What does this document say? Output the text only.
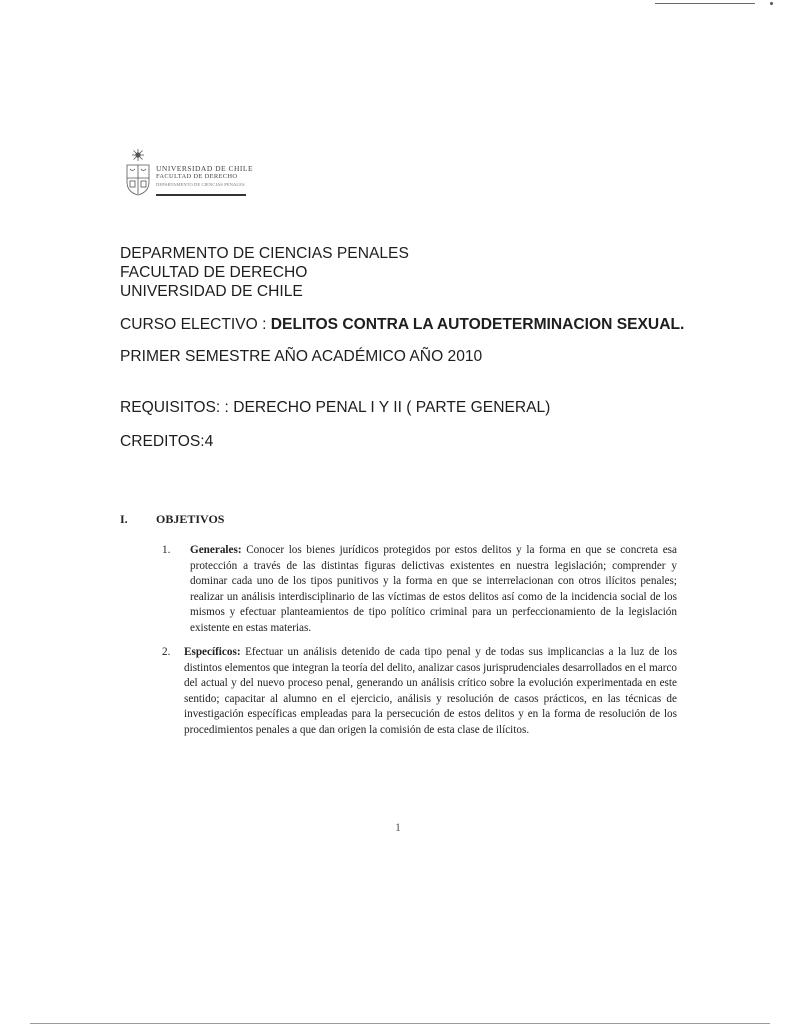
UNIVERSIDAD DE CHILE
FACULTAD DE DERECHO
DEPARTAMENTO DE CIENCIAS PENALES
DEPARMENTO DE CIENCIAS PENALES
FACULTAD DE DERECHO
UNIVERSIDAD DE CHILE
CURSO ELECTIVO : DELITOS CONTRA LA AUTODETERMINACION SEXUAL.
PRIMER SEMESTRE AÑO ACADÉMICO AÑO 2010
REQUISITOS: : DERECHO PENAL I Y II ( PARTE GENERAL)
CREDITOS:4
I. OBJETIVOS
1.	Generales: Conocer los bienes jurídicos protegidos por estos delitos y la forma en que se concreta esa protección a través de las distintas figuras delictivas existentes en nuestra legislación; comprender y dominar cada uno de los tipos punitivos y la forma en que se interrelacionan con otros ilícitos penales; realizar un análisis interdisciplinario de las víctimas de estos delitos así como de la incidencia social de los mismos y efectuar planteamientos de tipo político criminal para un perfeccionamiento de la legislación existente en estas materias.
2.	Específicos: Efectuar un análisis detenido de cada tipo penal y de todas sus implicancias a la luz de los distintos elementos que integran la teoría del delito, analizar casos jurisprudenciales desarrollados en el marco del actual y del nuevo proceso penal, generando un análisis crítico sobre la evolución experimentada en este sentido; capacitar al alumno en el ejercicio, análisis y resolución de casos prácticos, en las técnicas de investigación específicas empleadas para la persecución de estos delitos y en la forma de resolución de los procedimientos penales a que dan origen la comisión de esta clase de ilícitos.
1
